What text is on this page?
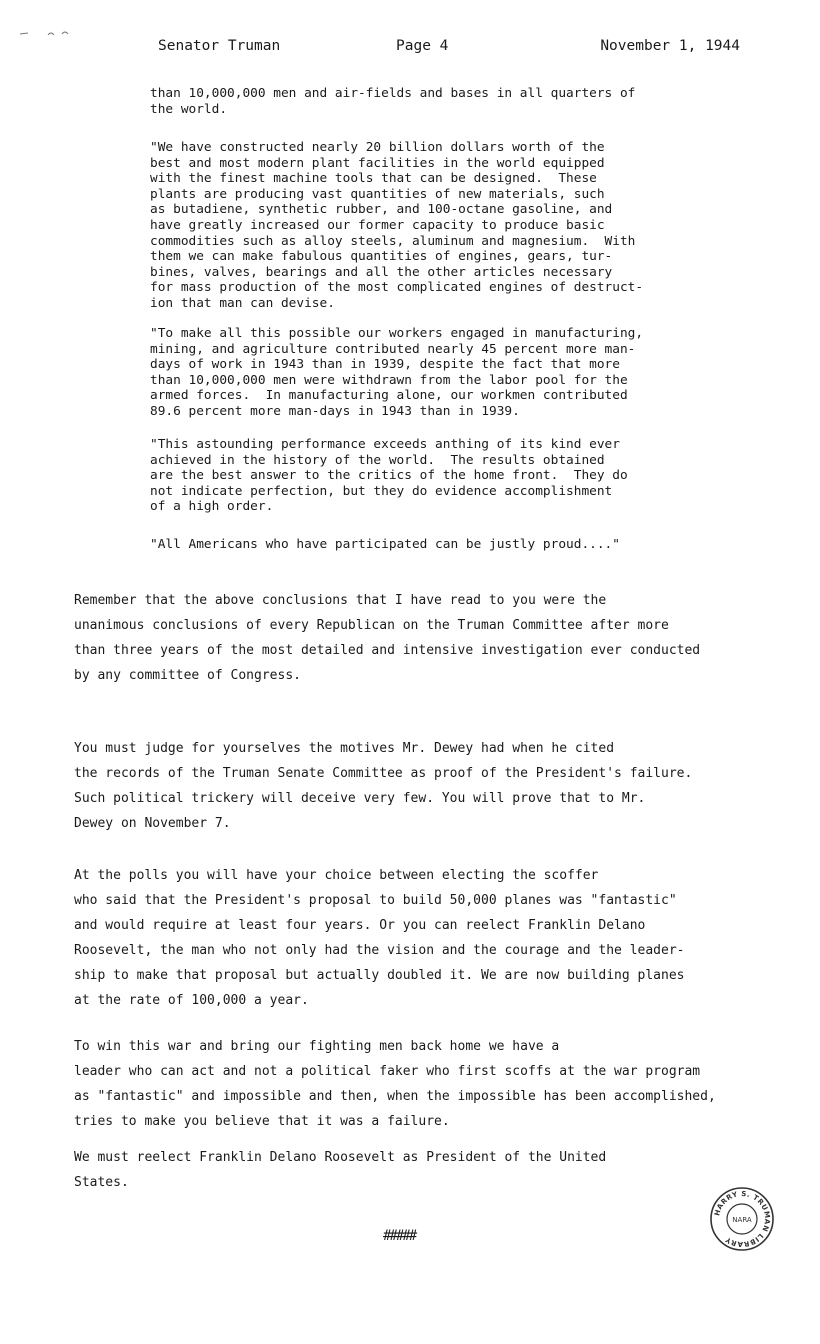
Senator Truman	Page 4	November 1, 1944
than 10,000,000 men and air-fields and bases in all quarters of
the world.
"We have constructed nearly 20 billion dollars worth of the
best and most modern plant facilities in the world equipped
with the finest machine tools that can be designed.  These
plants are producing vast quantities of new materials, such
as butadiene, synthetic rubber, and 100-octane gasoline, and
have greatly increased our former capacity to produce basic
commodities such as alloy steels, aluminum and magnesium.  With
them we can make fabulous quantities of engines, gears, tur-
bines, valves, bearings and all the other articles necessary
for mass production of the most complicated engines of destruct-
ion that man can devise.
"To make all this possible our workers engaged in manufacturing,
mining, and agriculture contributed nearly 45 percent more man-
days of work in 1943 than in 1939, despite the fact that more
than 10,000,000 men were withdrawn from the labor pool for the
armed forces.  In manufacturing alone, our workmen contributed
89.6 percent more man-days in 1943 than in 1939.
"This astounding performance exceeds anthing of its kind ever
achieved in the history of the world.  The results obtained
are the best answer to the critics of the home front.  They do
not indicate perfection, but they do evidence accomplishment
of a high order.
"All Americans who have participated can be justly proud...."
Remember that the above conclusions that I have read to you were the
unanimous conclusions of every Republican on the Truman Committee after more
than three years of the most detailed and intensive investigation ever conducted
by any committee of Congress.
You must judge for yourselves the motives Mr. Dewey had when he cited
the records of the Truman Senate Committee as proof of the President's failure.
Such political trickery will deceive very few. You will prove that to Mr.
Dewey on November 7.
At the polls you will have your choice between electing the scoffer
who said that the President's proposal to build 50,000 planes was "fantastic"
and would require at least four years. Or you can reelect Franklin Delano
Roosevelt, the man who not only had the vision and the courage and the leader-
ship to make that proposal but actually doubled it. We are now building planes
at the rate of 100,000 a year.
To win this war and bring our fighting men back home we have a
leader who can act and not a political faker who first scoffs at the war program
as "fantastic" and impossible and then, when the impossible has been accomplished,
tries to make you believe that it was a failure.
We must reelect Franklin Delano Roosevelt as President of the United
States.
#####
HARRY S. TRUMAN LIBRARY
NARA
